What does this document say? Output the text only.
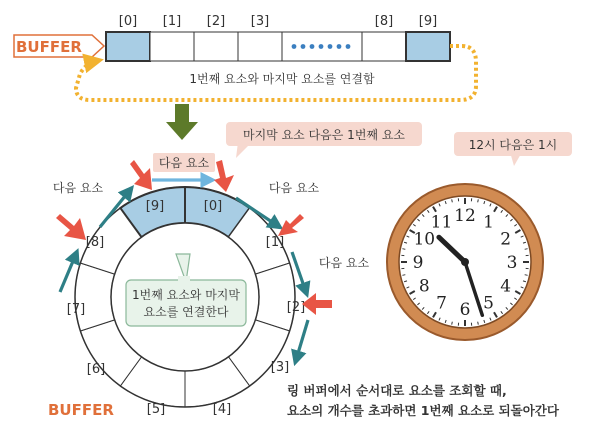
BUFFER
[0] [1] [2] [3]	[8] [9]
1번째 요소와 마지막 요소를 연결함
[0]
[1]
[2]
[3]
[4]
[5]
[6]
[7]
[8]
[9]
1번째 요소와 마지막
요소를 연결한다
BUFFER
다음 요소
다음 요소	다음 요소
다음 요소
마지막 요소 다음은 1번째 요소
12시 다음은 1시
12 1
2
3
4
5
6
7
8
9
10
11
링 버퍼에서 순서대로 요소를 조회할 때,
요소의 개수를 초과하면 1번째 요소로 되돌아간다
